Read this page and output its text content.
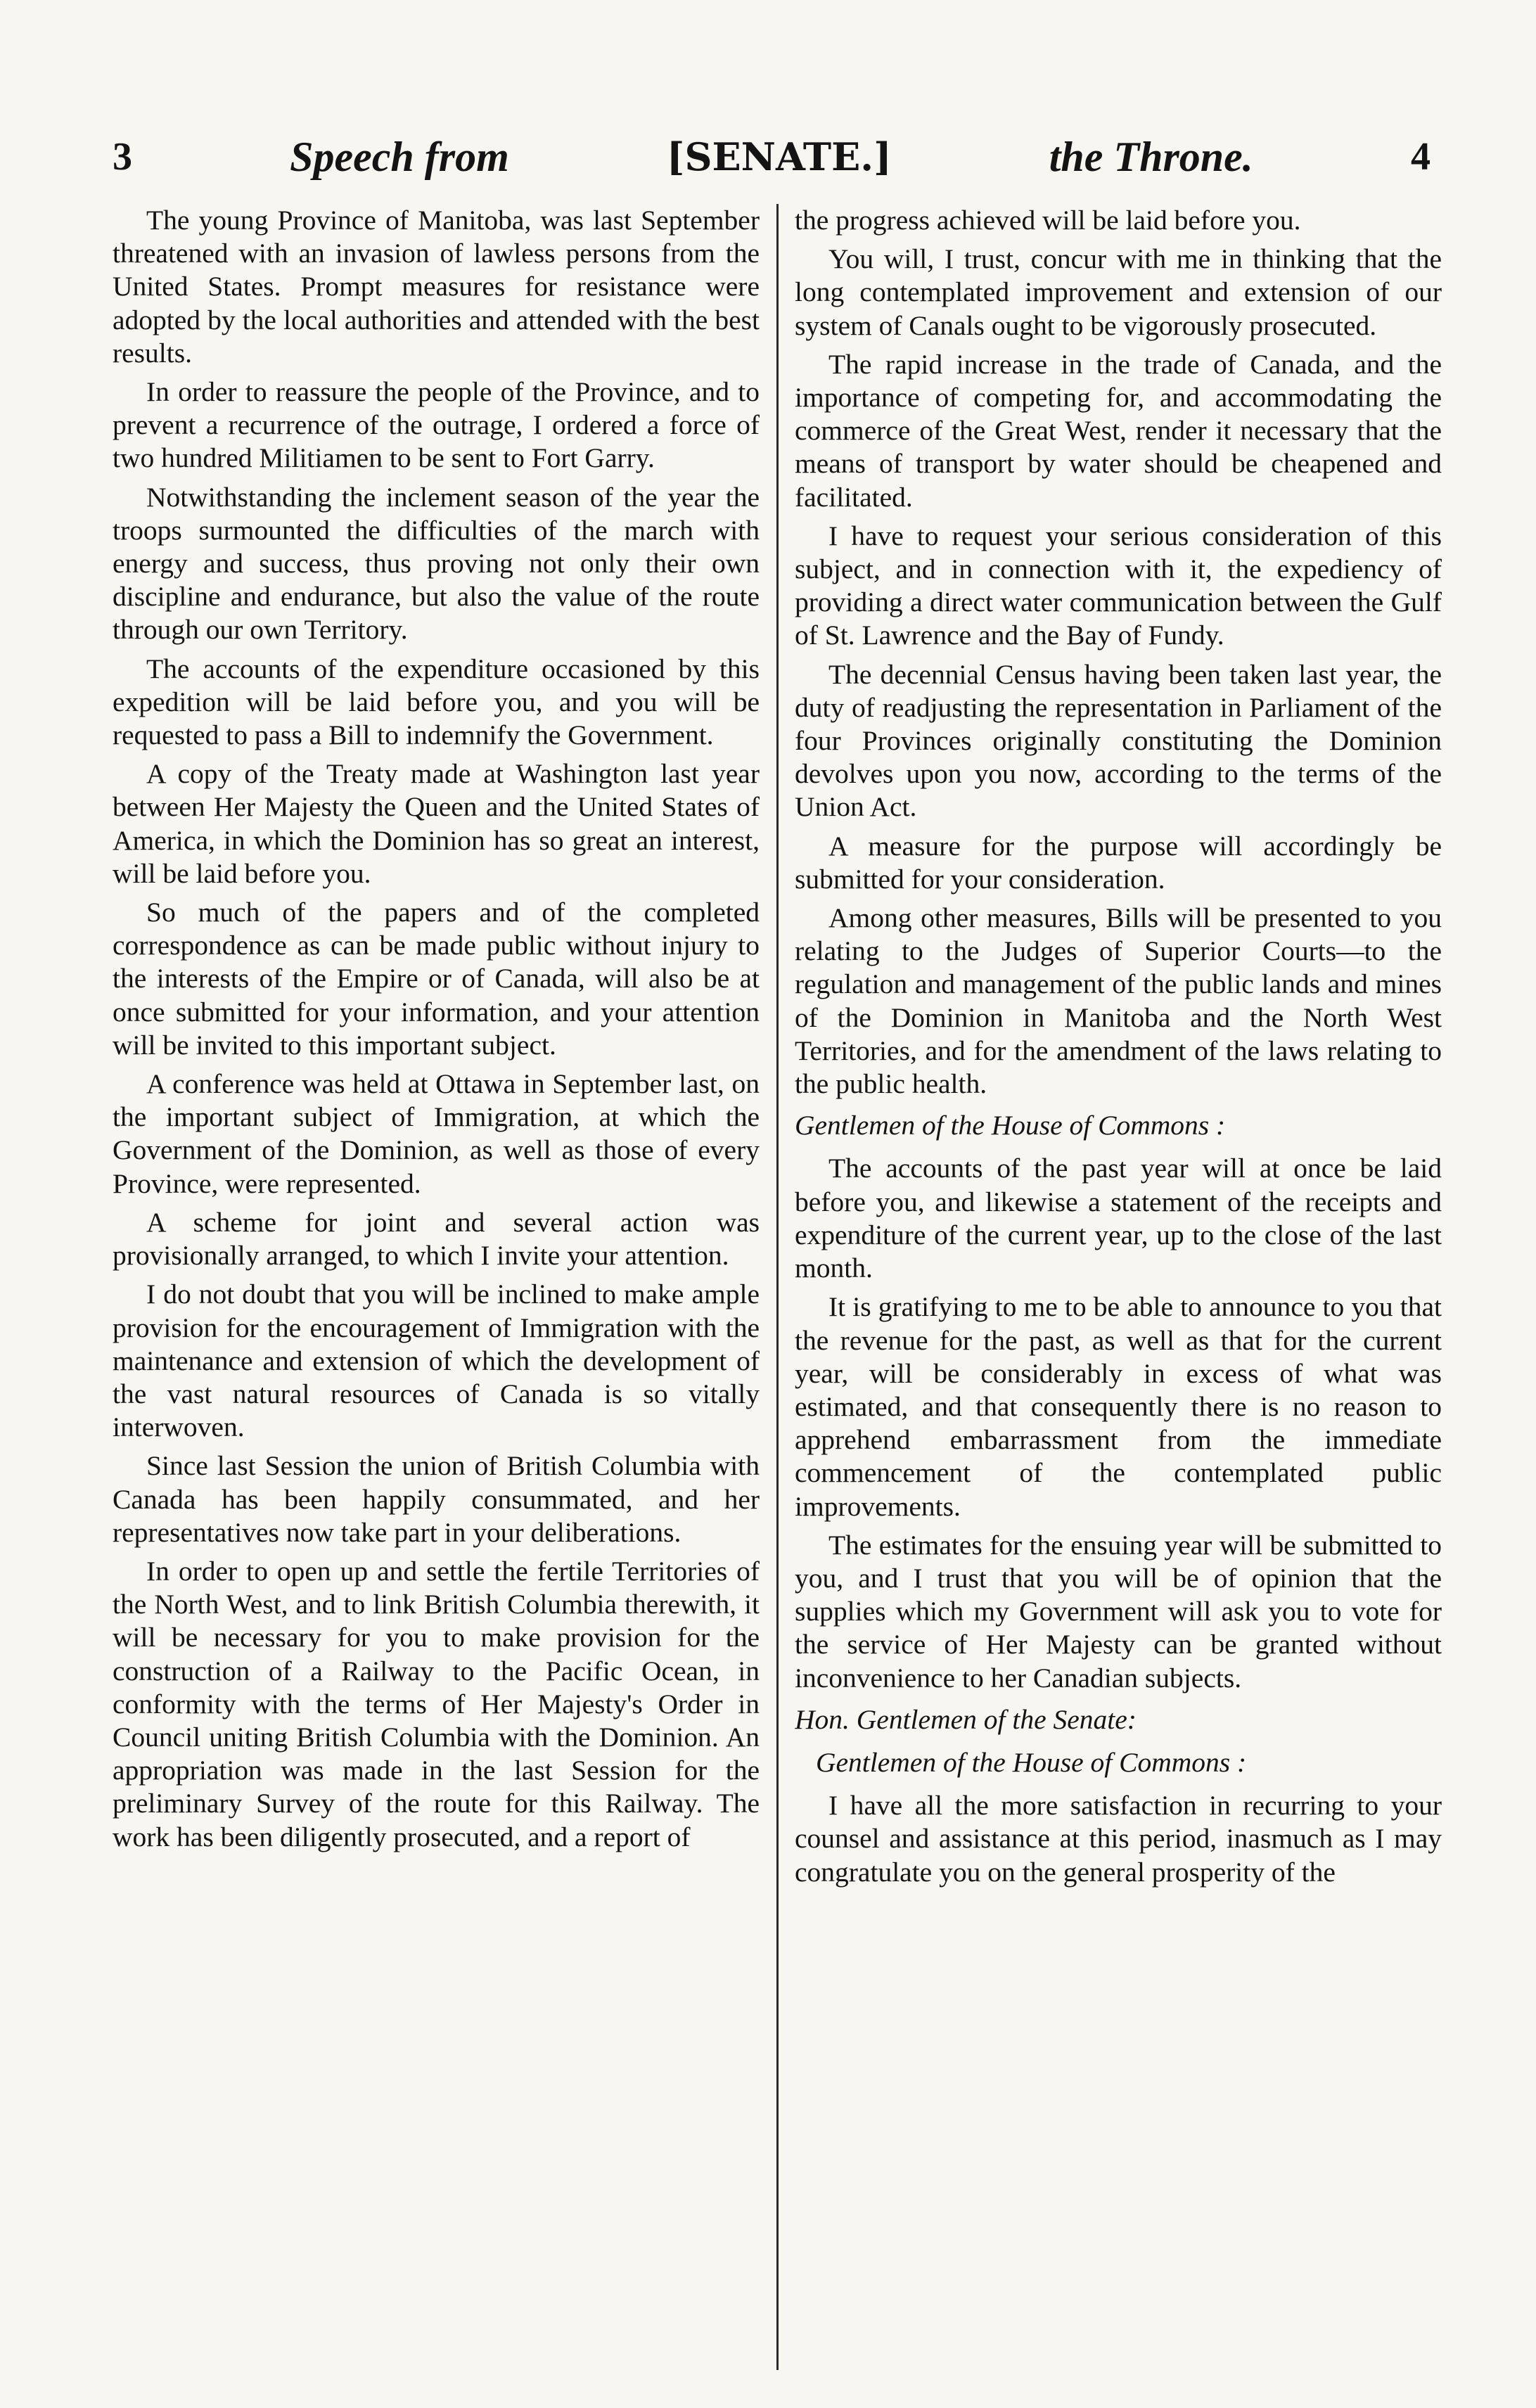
3	Speech from	[SENATE.]	the Throne.	4

The young Province of Manitoba, was last September threatened with an invasion of lawless persons from the United States. Prompt measures for resistance were adopted by the local authorities and attended with the best results.

In order to reassure the people of the Province, and to prevent a recurrence of the outrage, I ordered a force of two hundred Militiamen to be sent to Fort Garry.

Notwithstanding the inclement season of the year the troops surmounted the difficulties of the march with energy and success, thus proving not only their own discipline and endurance, but also the value of the route through our own Territory.

The accounts of the expenditure occasioned by this expedition will be laid before you, and you will be requested to pass a Bill to indemnify the Government.

A copy of the Treaty made at Washington last year between Her Majesty the Queen and the United States of America, in which the Dominion has so great an interest, will be laid before you.

So much of the papers and of the completed correspondence as can be made public without injury to the interests of the Empire or of Canada, will also be at once submitted for your information, and your attention will be invited to this important subject.

A conference was held at Ottawa in September last, on the important subject of Immigration, at which the Government of the Dominion, as well as those of every Province, were represented.

A scheme for joint and several action was provisionally arranged, to which I invite your attention.

I do not doubt that you will be inclined to make ample provision for the encouragement of Immigration with the maintenance and extension of which the development of the vast natural resources of Canada is so vitally interwoven.

Since last Session the union of British Columbia with Canada has been happily consummated, and her representatives now take part in your deliberations.

In order to open up and settle the fertile Territories of the North West, and to link British Columbia therewith, it will be necessary for you to make provision for the construction of a Railway to the Pacific Ocean, in conformity with the terms of Her Majesty's Order in Council uniting British Columbia with the Dominion. An appropriation was made in the last Session for the preliminary Survey of the route for this Railway. The work has been diligently prosecuted, and a report of

the progress achieved will be laid before you.

You will, I trust, concur with me in thinking that the long contemplated improvement and extension of our system of Canals ought to be vigorously prosecuted.

The rapid increase in the trade of Canada, and the importance of competing for, and accommodating the commerce of the Great West, render it necessary that the means of transport by water should be cheapened and facilitated.

I have to request your serious consideration of this subject, and in connection with it, the expediency of providing a direct water communication between the Gulf of St. Lawrence and the Bay of Fundy.

The decennial Census having been taken last year, the duty of readjusting the representation in Parliament of the four Provinces originally constituting the Dominion devolves upon you now, according to the terms of the Union Act.

A measure for the purpose will accordingly be submitted for your consideration.

Among other measures, Bills will be presented to you relating to the Judges of Superior Courts—to the regulation and management of the public lands and mines of the Dominion in Manitoba and the North West Territories, and for the amendment of the laws relating to the public health.

Gentlemen of the House of Commons :

The accounts of the past year will at once be laid before you, and likewise a statement of the receipts and expenditure of the current year, up to the close of the last month.

It is gratifying to me to be able to announce to you that the revenue for the past, as well as that for the current year, will be considerably in excess of what was estimated, and that consequently there is no reason to apprehend embarrassment from the immediate commencement of the contemplated public improvements.

The estimates for the ensuing year will be submitted to you, and I trust that you will be of opinion that the supplies which my Government will ask you to vote for the service of Her Majesty can be granted without inconvenience to her Canadian subjects.

Hon. Gentlemen of the Senate:

Gentlemen of the House of Commons :

I have all the more satisfaction in recurring to your counsel and assistance at this period, inasmuch as I may congratulate you on the general prosperity of the
